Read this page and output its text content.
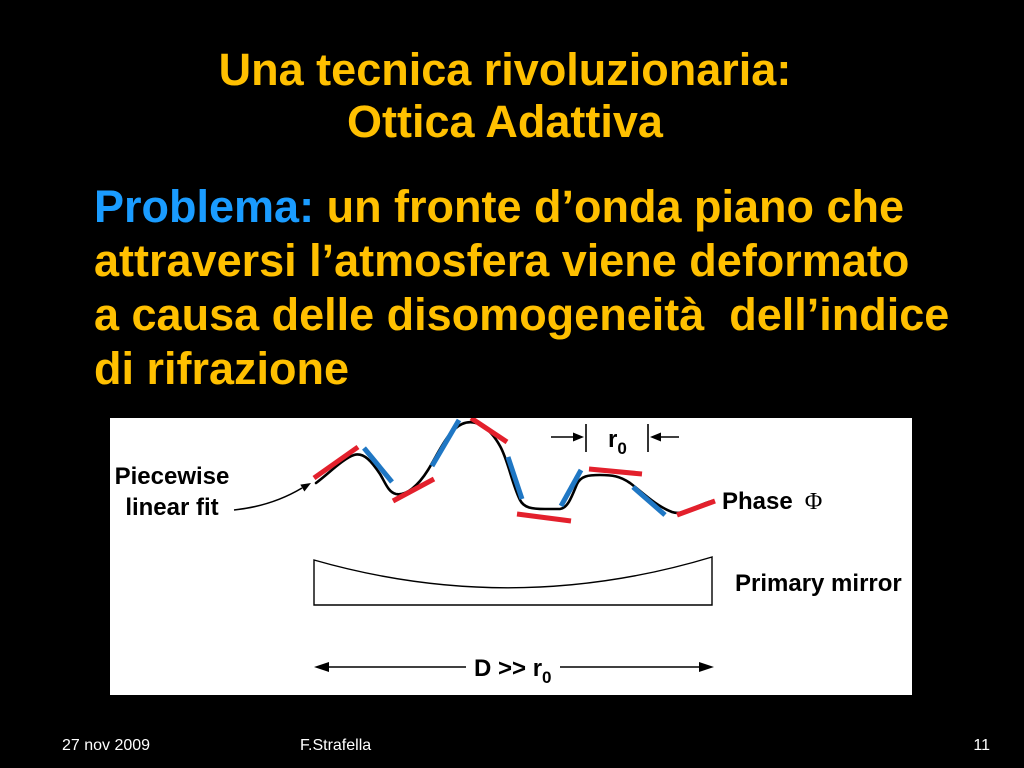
Una tecnica rivoluzionaria:
Ottica Adattiva
Problema: un fronte d’onda piano che
attraversi l’atmosfera viene deformato
a causa delle disomogeneità  dell’indice
di rifrazione
Piecewise
linear fit
$r_0$
Phase Φ
Primary mirror
$D >> r_0$
27 nov 2009	F.Strafella	11
